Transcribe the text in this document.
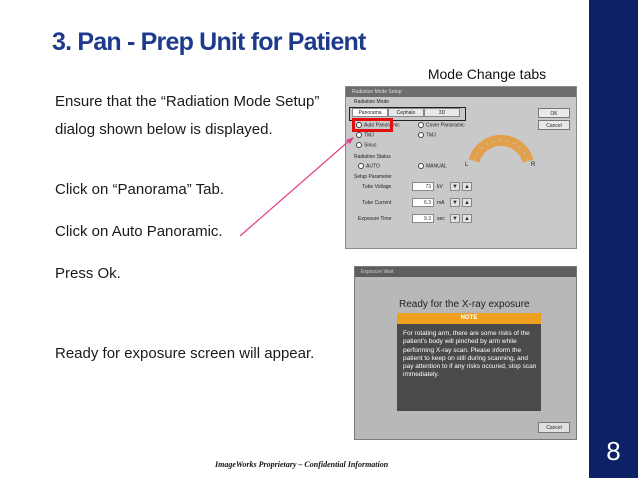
3. Pan - Prep Unit for Patient
Ensure that the “Radiation Mode Setup” dialog shown below is displayed.
Click on “Panorama” Tab.
Click on Auto Panoramic.
Press Ok.
Ready for exposure screen will appear.
Radiation Mode Setup
Radiation Mode
Panorama	Cephalo	3D	OK
Cancel
Auto Panoramic	Cover Panoramic
TMJ	TMJ
Sinus
L	R
Radiation Status
AUTO	MANUAL
Setup Parameter
Tube Voltage	73	kV	▼	▲
Tube Current	6.3	mA	▼	▲
Exposure Time	9.3	sec	▼	▲
Mode Change tabs
Exposure Wait
Ready for the X-ray exposure
NOTE
For rotating arm, there are some risks of the patient's body will pinched by arm while performing X-ray scan. Please inform the patient to keep on still during scanning, and pay attention to if any risks occured, stop scan immediately.
Cancel
ImageWorks Proprietary – Confidential Information	8
